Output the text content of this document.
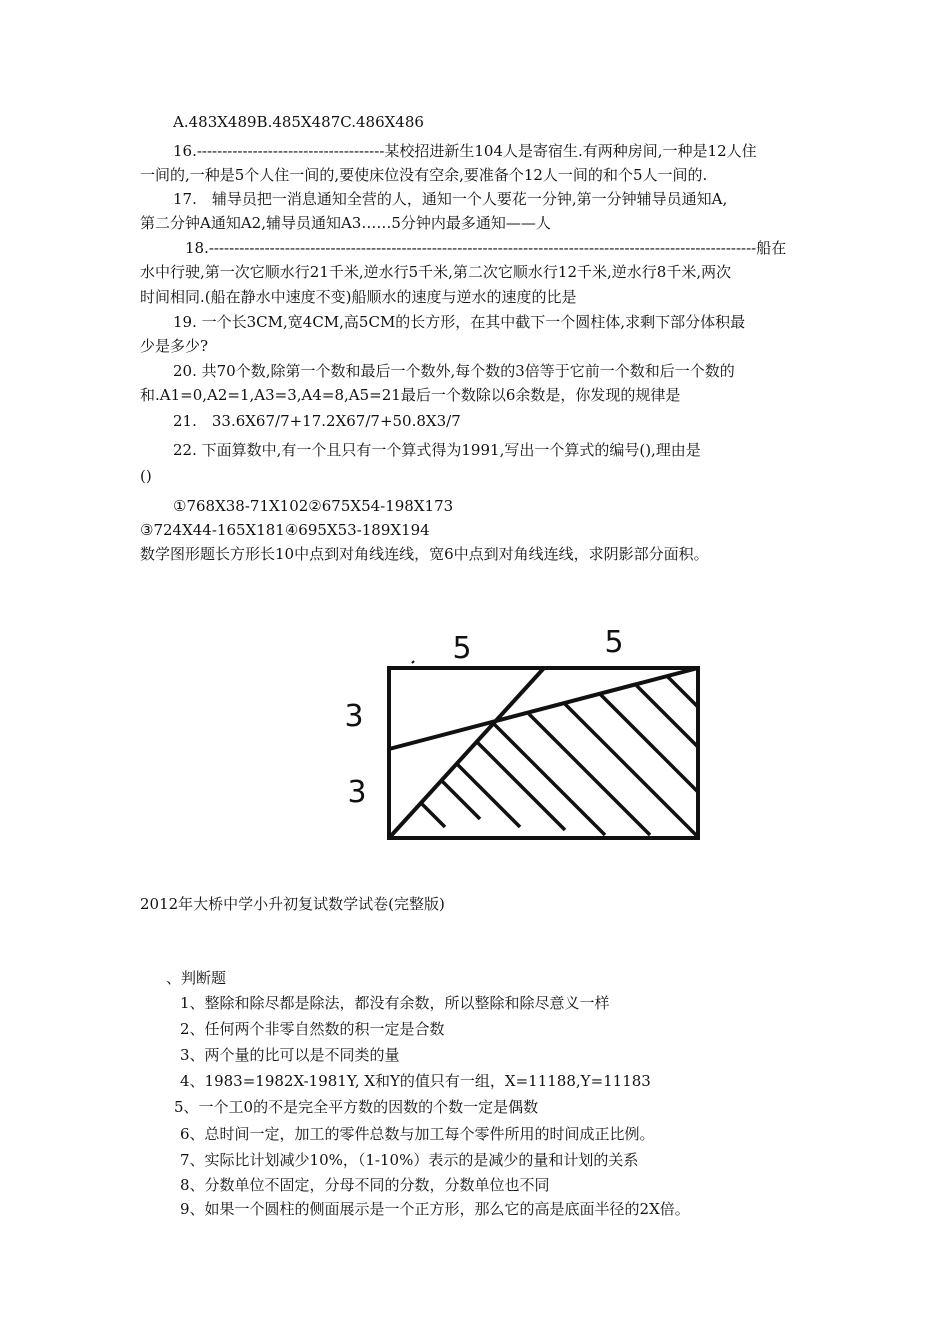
A.483X489B.485X487C.486X486
16.-------------------------------------某校招进新生104人是寄宿生.有两种房间,一种是12人住
一间的,一种是5个人住一间的,要使床位没有空余,要准备个12人一间的和个5人一间的.
17.　辅导员把一消息通知全营的人，通知一个人要花一分钟,第一分钟辅导员通知A,
第二分钟A通知A2,辅导员通知A3……5分钟内最多通知——人
18.------------------------------------------------------------------------------------------------------------船在
水中行驶,第一次它顺水行21千米,逆水行5千米,第二次它顺水行12千米,逆水行8千米,两次
时间相同.(船在静水中速度不变)船顺水的速度与逆水的速度的比是
19. 一个长3CM,宽4CM,高5CM的长方形，在其中截下一个圆柱体,求剩下部分体积最
少是多少?
20. 共70个数,除第一个数和最后一个数外,每个数的3倍等于它前一个数和后一个数的
和.A1=0,A2=1,A3=3,A4=8,A5=21最后一个数除以6余数是，你发现的规律是
21.　33.6X67/7+17.2X67/7+50.8X3/7
22. 下面算数中,有一个且只有一个算式得为1991,写出一个算式的编号(),理由是
()
①768X38-71X102②675X54-198X173
③724X44-165X181④695X53-189X194
数学图形题长方形长10中点到对角线连线，宽6中点到对角线连线，求阴影部分面积。
5	5
3
3
2012年大桥中学小升初复试数学试卷(完整版)
、判断题
1、整除和除尽都是除法，都没有余数，所以整除和除尽意义一样
2、任何两个非零自然数的积一定是合数
3、两个量的比可以是不同类的量
4、1983=1982X-1981Y, X和Y的值只有一组，X=11188,Y=11183
5、一个工0的不是完全平方数的因数的个数一定是偶数
6、总时间一定，加工的零件总数与加工每个零件所用的时间成正比例。
7、实际比计划减少10%，（1-10%）表示的是减少的量和计划的关系
8、分数单位不固定，分母不同的分数，分数单位也不同
9、如果一个圆柱的侧面展示是一个正方形，那么它的高是底面半径的2X倍。
